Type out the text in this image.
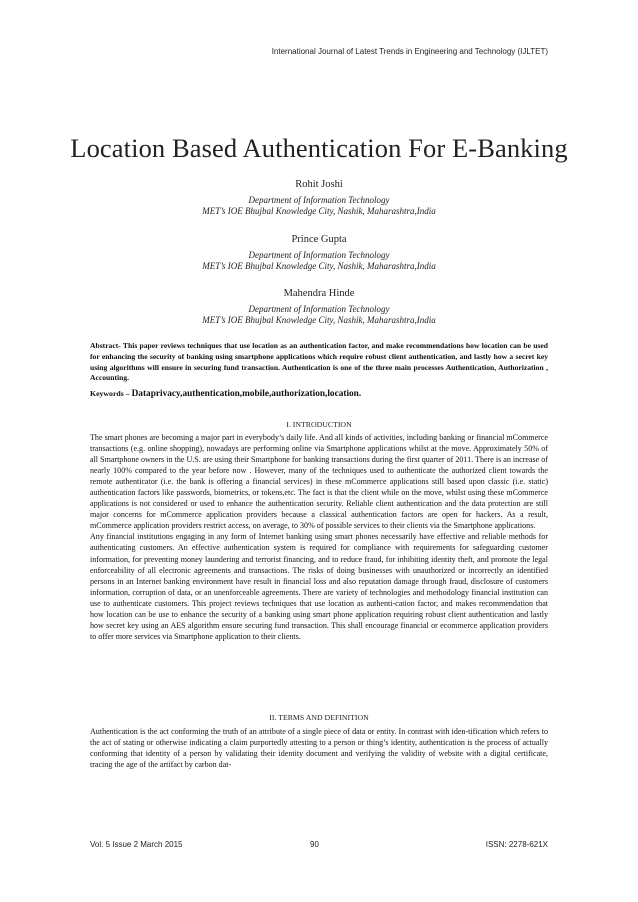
International Journal of Latest Trends in Engineering and Technology (IJLTET)
Location Based Authentication For E-Banking
Rohit Joshi
Department of Information Technology
MET’s IOE Bhujbal Knowledge City, Nashik, Maharashtra,India
Prince Gupta
Department of Information Technology
MET’s IOE Bhujbal Knowledge City, Nashik, Maharashtra,India
Mahendra Hinde
Department of Information Technology
MET’s IOE Bhujbal Knowledge City, Nashik, Maharashtra,India
Abstract- This paper reviews techniques that use location as an authentication factor, and make recommendations how location can be used for enhancing the security of banking using smartphone applications which require robust client authentication, and lastly how a secret key using algorithms will ensure in securing fund transaction. Authentication is one of the three main processes Authentication, Authorization , Accounting.
Keywords – Dataprivacy,authentication,mobile,authorization,location.
I. INTRODUCTION

The smart phones are becoming a major part in everybody’s daily life. And all kinds of activities, including banking or financial mCommerce transactions (e.g. online shopping), nowadays are performing online via Smartphone applications whilst at the move. Approximately 50% of all Smartphone owners in the U.S. are using their Smartphone for banking transactions during the first quarter of 2011. There is an increase of nearly 100% compared to the year before now . However, many of the techniques used to authenticate the authorized client towards the remote authenticator (i.e. the bank is offering a financial services) in these mCommerce applications still based upon classic (i.e. static) authentication factors like passwords, biometrics, or tokens,etc. The fact is that the client while on the move, whilst using these mCommerce applications is not considered or used to enhance the authentication security. Reliable client authentication and the data protection are still major concerns for mCommerce application providers because a classical authentication factors are open for hackers. As a result, mCommerce application providers restrict access, on average, to 30% of possible services to their clients via the Smartphone applications.

Any financial institutions engaging in any form of Internet banking using smart phones necessarily have effective and reliable methods for authenticating customers. An effective authentication system is required for compliance with requirements for safeguarding customer information, for preventing money laundering and terrorist financing, and to reduce fraud, for inhibiting identity theft, and promote the legal enforceability of all electronic agreements and transactions. The risks of doing businesses with unauthorized or incorrectly an identified persons in an Internet banking environment have result in financial loss and also reputation damage through fraud, disclosure of customers information, corruption of data, or an unenforceable agreements. There are variety of technologies and methodology financial institution can use to authenticate customers. This project reviews techniques that use location as authenti-cation factor, and makes recommendation that how location can be use to enhance the security of a banking using smart phone application requiring robust client authentication and lastly how secret key using an AES algorithm ensure securing fund transaction. This shall encourage financial or ecommerce application providers to offer more services via Smartphone application to their clients.

II. TERMS AND DEFINITION

Authentication is the act conforming the truth of an attribute of a single piece of data or entity. In contrast with iden-tification which refers to the act of stating or otherwise indicating a claim purportedly attesting to a person or thing’s identity, authentication is the process of actually conforming that identity of a person by validating their identity document and verifying the validity of website with a digital certificate, tracing the age of the artifact by carbon dat-

Vol. 5 Issue 2 March 2015	90	ISSN: 2278-621X
